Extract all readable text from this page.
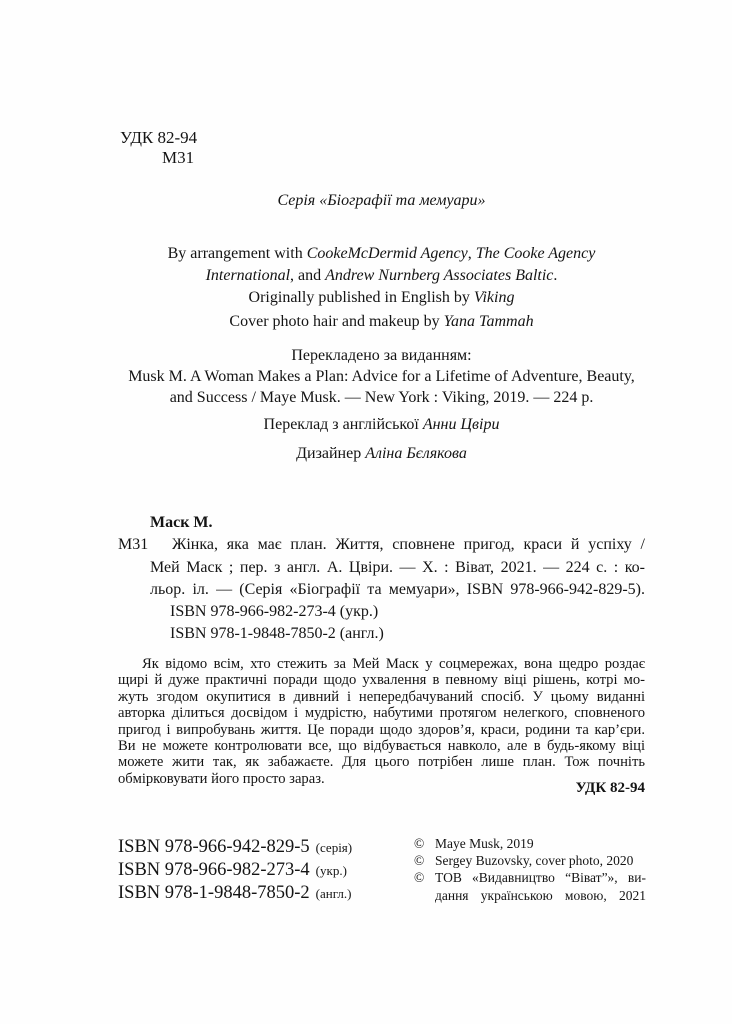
УДК 82-94
М31
Серія «Біографії та мемуари»
By arrangement with CookeMcDermid Agency, The Cooke Agency
International, and Andrew Nurnberg Associates Baltic.
Originally published in English by Viking
Cover photo hair and makeup by Yana Tammah
Перекладено за виданням:
Musk M. A Woman Makes a Plan: Advice for a Lifetime of Adventure, Beauty,
and Success / Maye Musk. — New York : Viking, 2019. — 224 p.
Переклад з англійської Анни Цвіри
Дизайнер Аліна Бєлякова
Маск М.
М31 Жінка, яка має план. Життя, сповнене пригод, краси й успіху /
Мей Маск ; пер. з англ. А. Цвіри. — Х. : Віват, 2021. — 224 с. : ко-
льор. іл. — (Серія «Біографії та мемуари», ISBN 978-966-942-829-5).
ISBN 978-966-982-273-4 (укр.)
ISBN 978-1-9848-7850-2 (англ.)
Як відомо всім, хто стежить за Мей Маск у соцмережах, вона щедро роздає
щирі й дуже практичні поради щодо ухвалення в певному віці рішень, котрі мо-
жуть згодом окупитися в дивний і непередбачуваний спосіб. У цьому виданні
авторка ділиться досвідом і мудрістю, набутими протягом нелегкого, сповненого
пригод і випробувань життя. Це поради щодо здоров’я, краси, родини та кар’єри.
Ви не можете контролювати все, що відбувається навколо, але в будь-якому віці
можете жити так, як забажаєте. Для цього потрібен лише план. Тож почніть
обмірковувати його просто зараз.
УДК 82-94
ISBN 978-966-942-829-5 (серія)
ISBN 978-966-982-273-4 (укр.)
ISBN 978-1-9848-7850-2 (англ.)
© Maye Musk, 2019
© Sergey Buzovsky, cover photo, 2020
© ТОВ «Видавництво “Віват”», ви-
дання українською мовою, 2021
